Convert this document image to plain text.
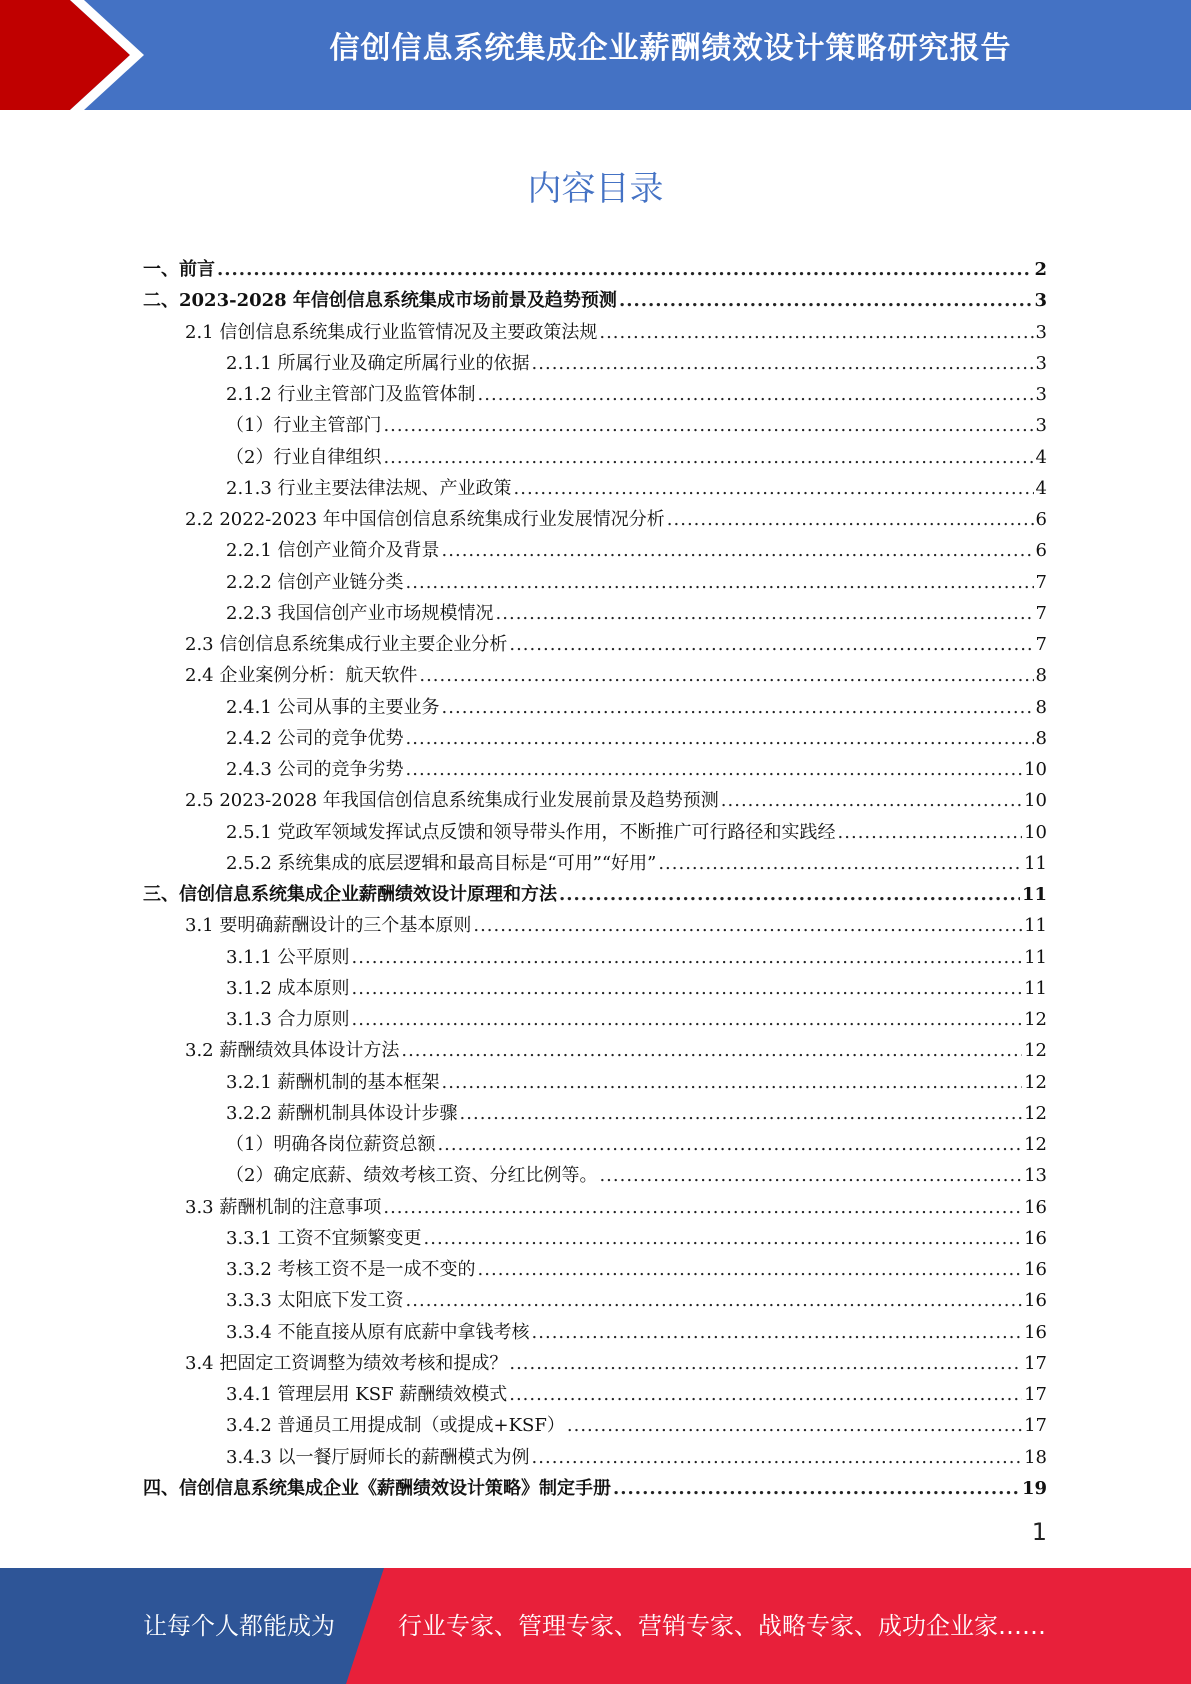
信创信息系统集成企业薪酬绩效设计策略研究报告
内容目录
一、前言 .....	2
二、2023-2028 年信创信息系统集成市场前景及趋势预测 .....	3
2.1 信创信息系统集成行业监管情况及主要政策法规 .....	3
2.1.1 所属行业及确定所属行业的依据 .....	3
2.1.2 行业主管部门及监管体制 .....	3
（1）行业主管部门 .....	3
（2）行业自律组织 .....	4
2.1.3 行业主要法律法规、产业政策 .....	4
2.2 2022-2023 年中国信创信息系统集成行业发展情况分析 .....	6
2.2.1 信创产业简介及背景 .....	6
2.2.2 信创产业链分类 .....	7
2.2.3 我国信创产业市场规模情况 .....	7
2.3 信创信息系统集成行业主要企业分析 .....	7
2.4 企业案例分析：航天软件 .....	8
2.4.1 公司从事的主要业务 .....	8
2.4.2 公司的竞争优势 .....	8
2.4.3 公司的竞争劣势 .....	10
2.5 2023-2028 年我国信创信息系统集成行业发展前景及趋势预测 .....	10
2.5.1 党政军领域发挥试点反馈和领导带头作用，不断推广可行路径和实践经 .....	10
2.5.2 系统集成的底层逻辑和最高目标是“可用”“好用” .....	11
三、信创信息系统集成企业薪酬绩效设计原理和方法 .....	11
3.1 要明确薪酬设计的三个基本原则 .....	11
3.1.1 公平原则 .....	11
3.1.2 成本原则 .....	11
3.1.3 合力原则 .....	12
3.2 薪酬绩效具体设计方法 .....	12
3.2.1 薪酬机制的基本框架 .....	12
3.2.2 薪酬机制具体设计步骤 .....	12
（1）明确各岗位薪资总额 .....	12
（2）确定底薪、绩效考核工资、分红比例等。 .....	13
3.3 薪酬机制的注意事项 .....	16
3.3.1 工资不宜频繁变更 .....	16
3.3.2 考核工资不是一成不变的 .....	16
3.3.3 太阳底下发工资 .....	16
3.3.4 不能直接从原有底薪中拿钱考核 .....	16
3.4 把固定工资调整为绩效考核和提成？ .....	17
3.4.1 管理层用 KSF 薪酬绩效模式 .....	17
3.4.2 普通员工用提成制（或提成+KSF） .....	17
3.4.3 以一餐厅厨师长的薪酬模式为例 .....	18
四、信创信息系统集成企业《薪酬绩效设计策略》制定手册 .....	19
1
让每个人都能成为	行业专家、管理专家、营销专家、战略专家、成功企业家……
